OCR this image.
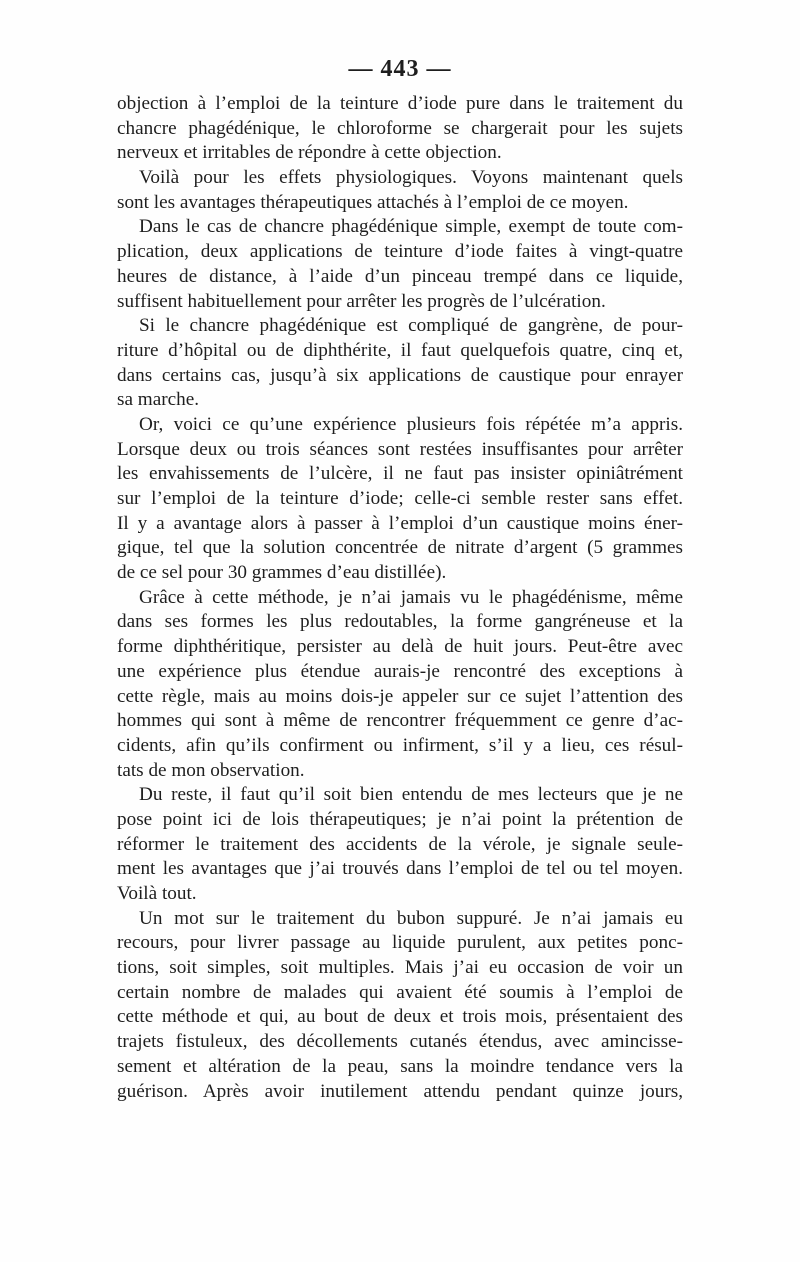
— 443 —
objection à l’emploi de la teinture d’iode pure dans le traitement du
chancre phagédénique, le chloroforme se chargerait pour les sujets
nerveux et irritables de répondre à cette objection.
Voilà pour les effets physiologiques. Voyons maintenant quels
sont les avantages thérapeutiques attachés à l’emploi de ce moyen.
Dans le cas de chancre phagédénique simple, exempt de toute com-
plication, deux applications de teinture d’iode faites à vingt-quatre
heures de distance, à l’aide d’un pinceau trempé dans ce liquide,
suffisent habituellement pour arrêter les progrès de l’ulcération.
Si le chancre phagédénique est compliqué de gangrène, de pour-
riture d’hôpital ou de diphthérite, il faut quelquefois quatre, cinq et,
dans certains cas, jusqu’à six applications de caustique pour enrayer
sa marche.
Or, voici ce qu’une expérience plusieurs fois répétée m’a appris.
Lorsque deux ou trois séances sont restées insuffisantes pour arrêter
les envahissements de l’ulcère, il ne faut pas insister opiniâtrément
sur l’emploi de la teinture d’iode; celle-ci semble rester sans effet.
Il y a avantage alors à passer à l’emploi d’un caustique moins éner-
gique, tel que la solution concentrée de nitrate d’argent (5 grammes
de ce sel pour 30 grammes d’eau distillée).
Grâce à cette méthode, je n’ai jamais vu le phagédénisme, même
dans ses formes les plus redoutables, la forme gangréneuse et la
forme diphthéritique, persister au delà de huit jours. Peut-être avec
une expérience plus étendue aurais-je rencontré des exceptions à
cette règle, mais au moins dois-je appeler sur ce sujet l’attention des
hommes qui sont à même de rencontrer fréquemment ce genre d’ac-
cidents, afin qu’ils confirment ou infirment, s’il y a lieu, ces résul-
tats de mon observation.
Du reste, il faut qu’il soit bien entendu de mes lecteurs que je ne
pose point ici de lois thérapeutiques; je n’ai point la prétention de
réformer le traitement des accidents de la vérole, je signale seule-
ment les avantages que j’ai trouvés dans l’emploi de tel ou tel moyen.
Voilà tout.
Un mot sur le traitement du bubon suppuré. Je n’ai jamais eu
recours, pour livrer passage au liquide purulent, aux petites ponc-
tions, soit simples, soit multiples. Mais j’ai eu occasion de voir un
certain nombre de malades qui avaient été soumis à l’emploi de
cette méthode et qui, au bout de deux et trois mois, présentaient des
trajets fistuleux, des décollements cutanés étendus, avec amincisse-
sement et altération de la peau, sans la moindre tendance vers la
guérison. Après avoir inutilement attendu pendant quinze jours,
